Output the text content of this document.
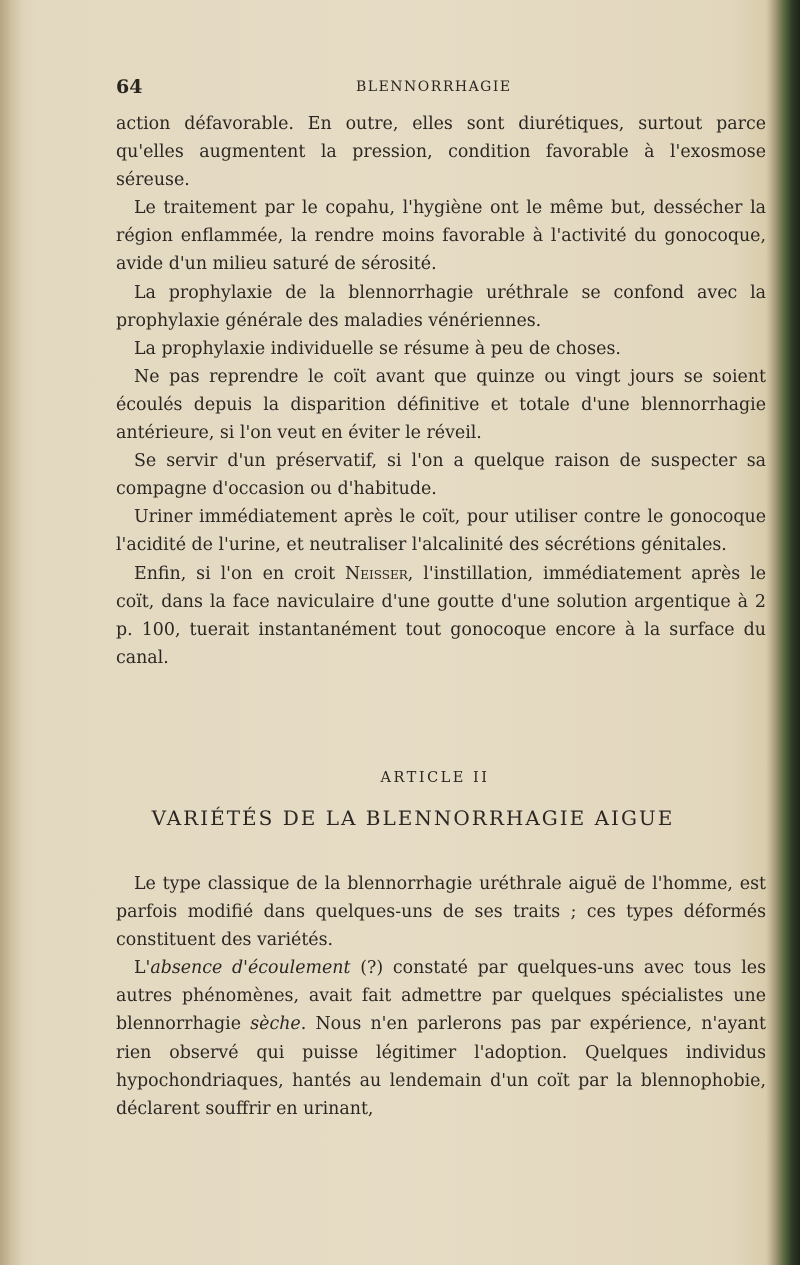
64	BLENNORRHAGIE

action défavorable. En outre, elles sont diurétiques, surtout parce qu'elles augmentent la pression, condition favorable à l'exosmose séreuse.

Le traitement par le copahu, l'hygiène ont le même but, dessécher la région enflammée, la rendre moins favorable à l'activité du gonocoque, avide d'un milieu saturé de sérosité.

La prophylaxie de la blennorrhagie uréthrale se confond avec la prophylaxie générale des maladies vénériennes.

La prophylaxie individuelle se résume à peu de choses.

Ne pas reprendre le coït avant que quinze ou vingt jours se soient écoulés depuis la disparition définitive et totale d'une blennorrhagie antérieure, si l'on veut en éviter le réveil.

Se servir d'un préservatif, si l'on a quelque raison de suspecter sa compagne d'occasion ou d'habitude.

Uriner immédiatement après le coït, pour utiliser contre le gonocoque l'acidité de l'urine, et neutraliser l'alcalinité des sécrétions génitales.

Enfin, si l'on en croit Neisser, l'instillation, immédiatement après le coït, dans la face naviculaire d'une goutte d'une solution argentique à 2 p. 100, tuerait instantanément tout gonocoque encore à la surface du canal.

ARTICLE II
VARIÉTÉS DE LA BLENNORRHAGIE AIGUE

Le type classique de la blennorrhagie uréthrale aiguë de l'homme, est parfois modifié dans quelques-uns de ses traits ; ces types déformés constituent des variétés.

L'absence d'écoulement (?) constaté par quelques-uns avec tous les autres phénomènes, avait fait admettre par quelques spécialistes une blennorrhagie sèche. Nous n'en parlerons pas par expérience, n'ayant rien observé qui puisse légitimer l'adoption. Quelques individus hypochondriaques, hantés au lendemain d'un coït par la blennophobie, déclarent souffrir en urinant,
